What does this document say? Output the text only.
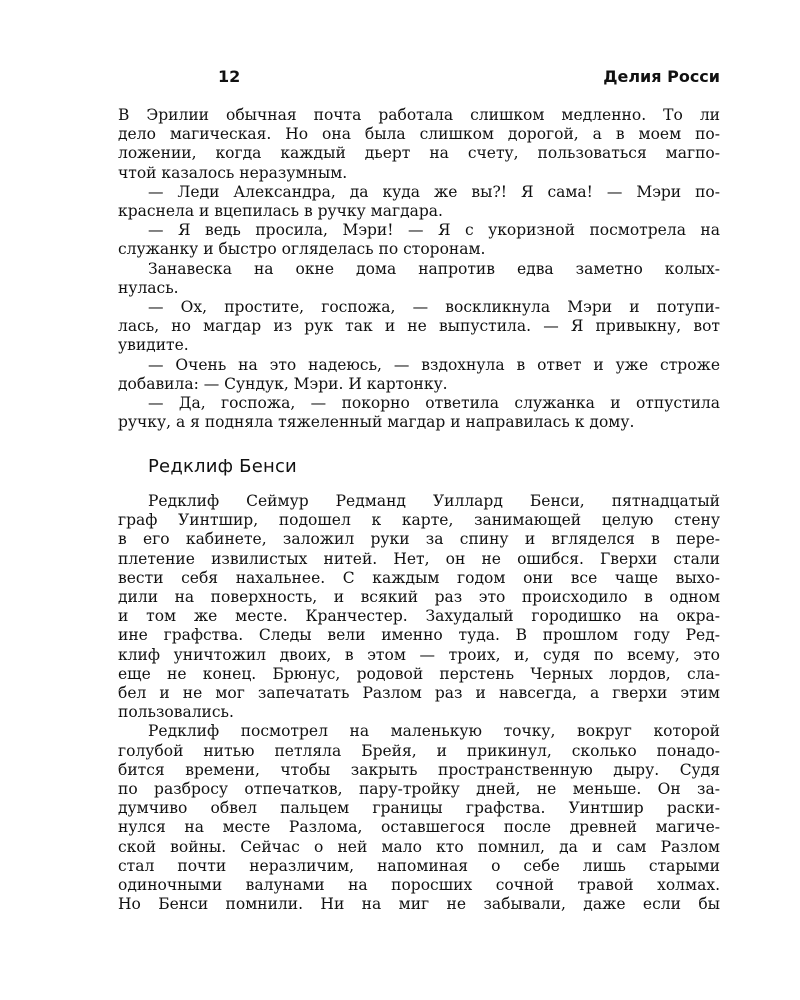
12	Делия Росси

В Эрилии обычная почта работала слишком медленно. То ли

дело магическая. Но она была слишком дорогой, а в моем по-

ложении, когда каждый дьерт на счету, пользоваться магпо-

чтой казалось неразумным.

— Леди Александра, да куда же вы?! Я сама! — Мэри по-

краснела и вцепилась в ручку магдара.

— Я ведь просила, Мэри! — Я с укоризной посмотрела на

служанку и быстро огляделась по сторонам.

Занавеска на окне дома напротив едва заметно колых-

нулась.

— Ох, простите, госпожа, — воскликнула Мэри и потупи-

лась, но магдар из рук так и не выпустила. — Я привыкну, вот

увидите.

— Очень на это надеюсь, — вздохнула в ответ и уже строже

добавила: — Сундук, Мэри. И картонку.

— Да, госпожа, — покорно ответила служанка и отпустила

ручку, а я подняла тяжеленный магдар и направилась к дому.

Редклиф Бенси

Редклиф Сеймур Редманд Уиллард Бенси, пятнадцатый

граф Уинтшир, подошел к карте, занимающей целую стену

в его кабинете, заложил руки за спину и вгляделся в пере-

плетение извилистых нитей. Нет, он не ошибся. Гверхи стали

вести себя нахальнее. С каждым годом они все чаще выхо-

дили на поверхность, и всякий раз это происходило в одном

и том же месте. Кранчестер. Захудалый городишко на окра-

ине графства. Следы вели именно туда. В прошлом году Ред-

клиф уничтожил двоих, в этом — троих, и, судя по всему, это

еще не конец. Брюнус, родовой перстень Черных лордов, сла-

бел и не мог запечатать Разлом раз и навсегда, а гверхи этим

пользовались.

Редклиф посмотрел на маленькую точку, вокруг которой

голубой нитью петляла Брейя, и прикинул, сколько понадо-

бится времени, чтобы закрыть пространственную дыру. Судя

по разбросу отпечатков, пару-тройку дней, не меньше. Он за-

думчиво обвел пальцем границы графства. Уинтшир раски-

нулся на месте Разлома, оставшегося после древней магиче-

ской войны. Сейчас о ней мало кто помнил, да и сам Разлом

стал почти неразличим, напоминая о себе лишь старыми

одиночными валунами на поросших сочной травой холмах.

Но Бенси помнили. Ни на миг не забывали, даже если бы
